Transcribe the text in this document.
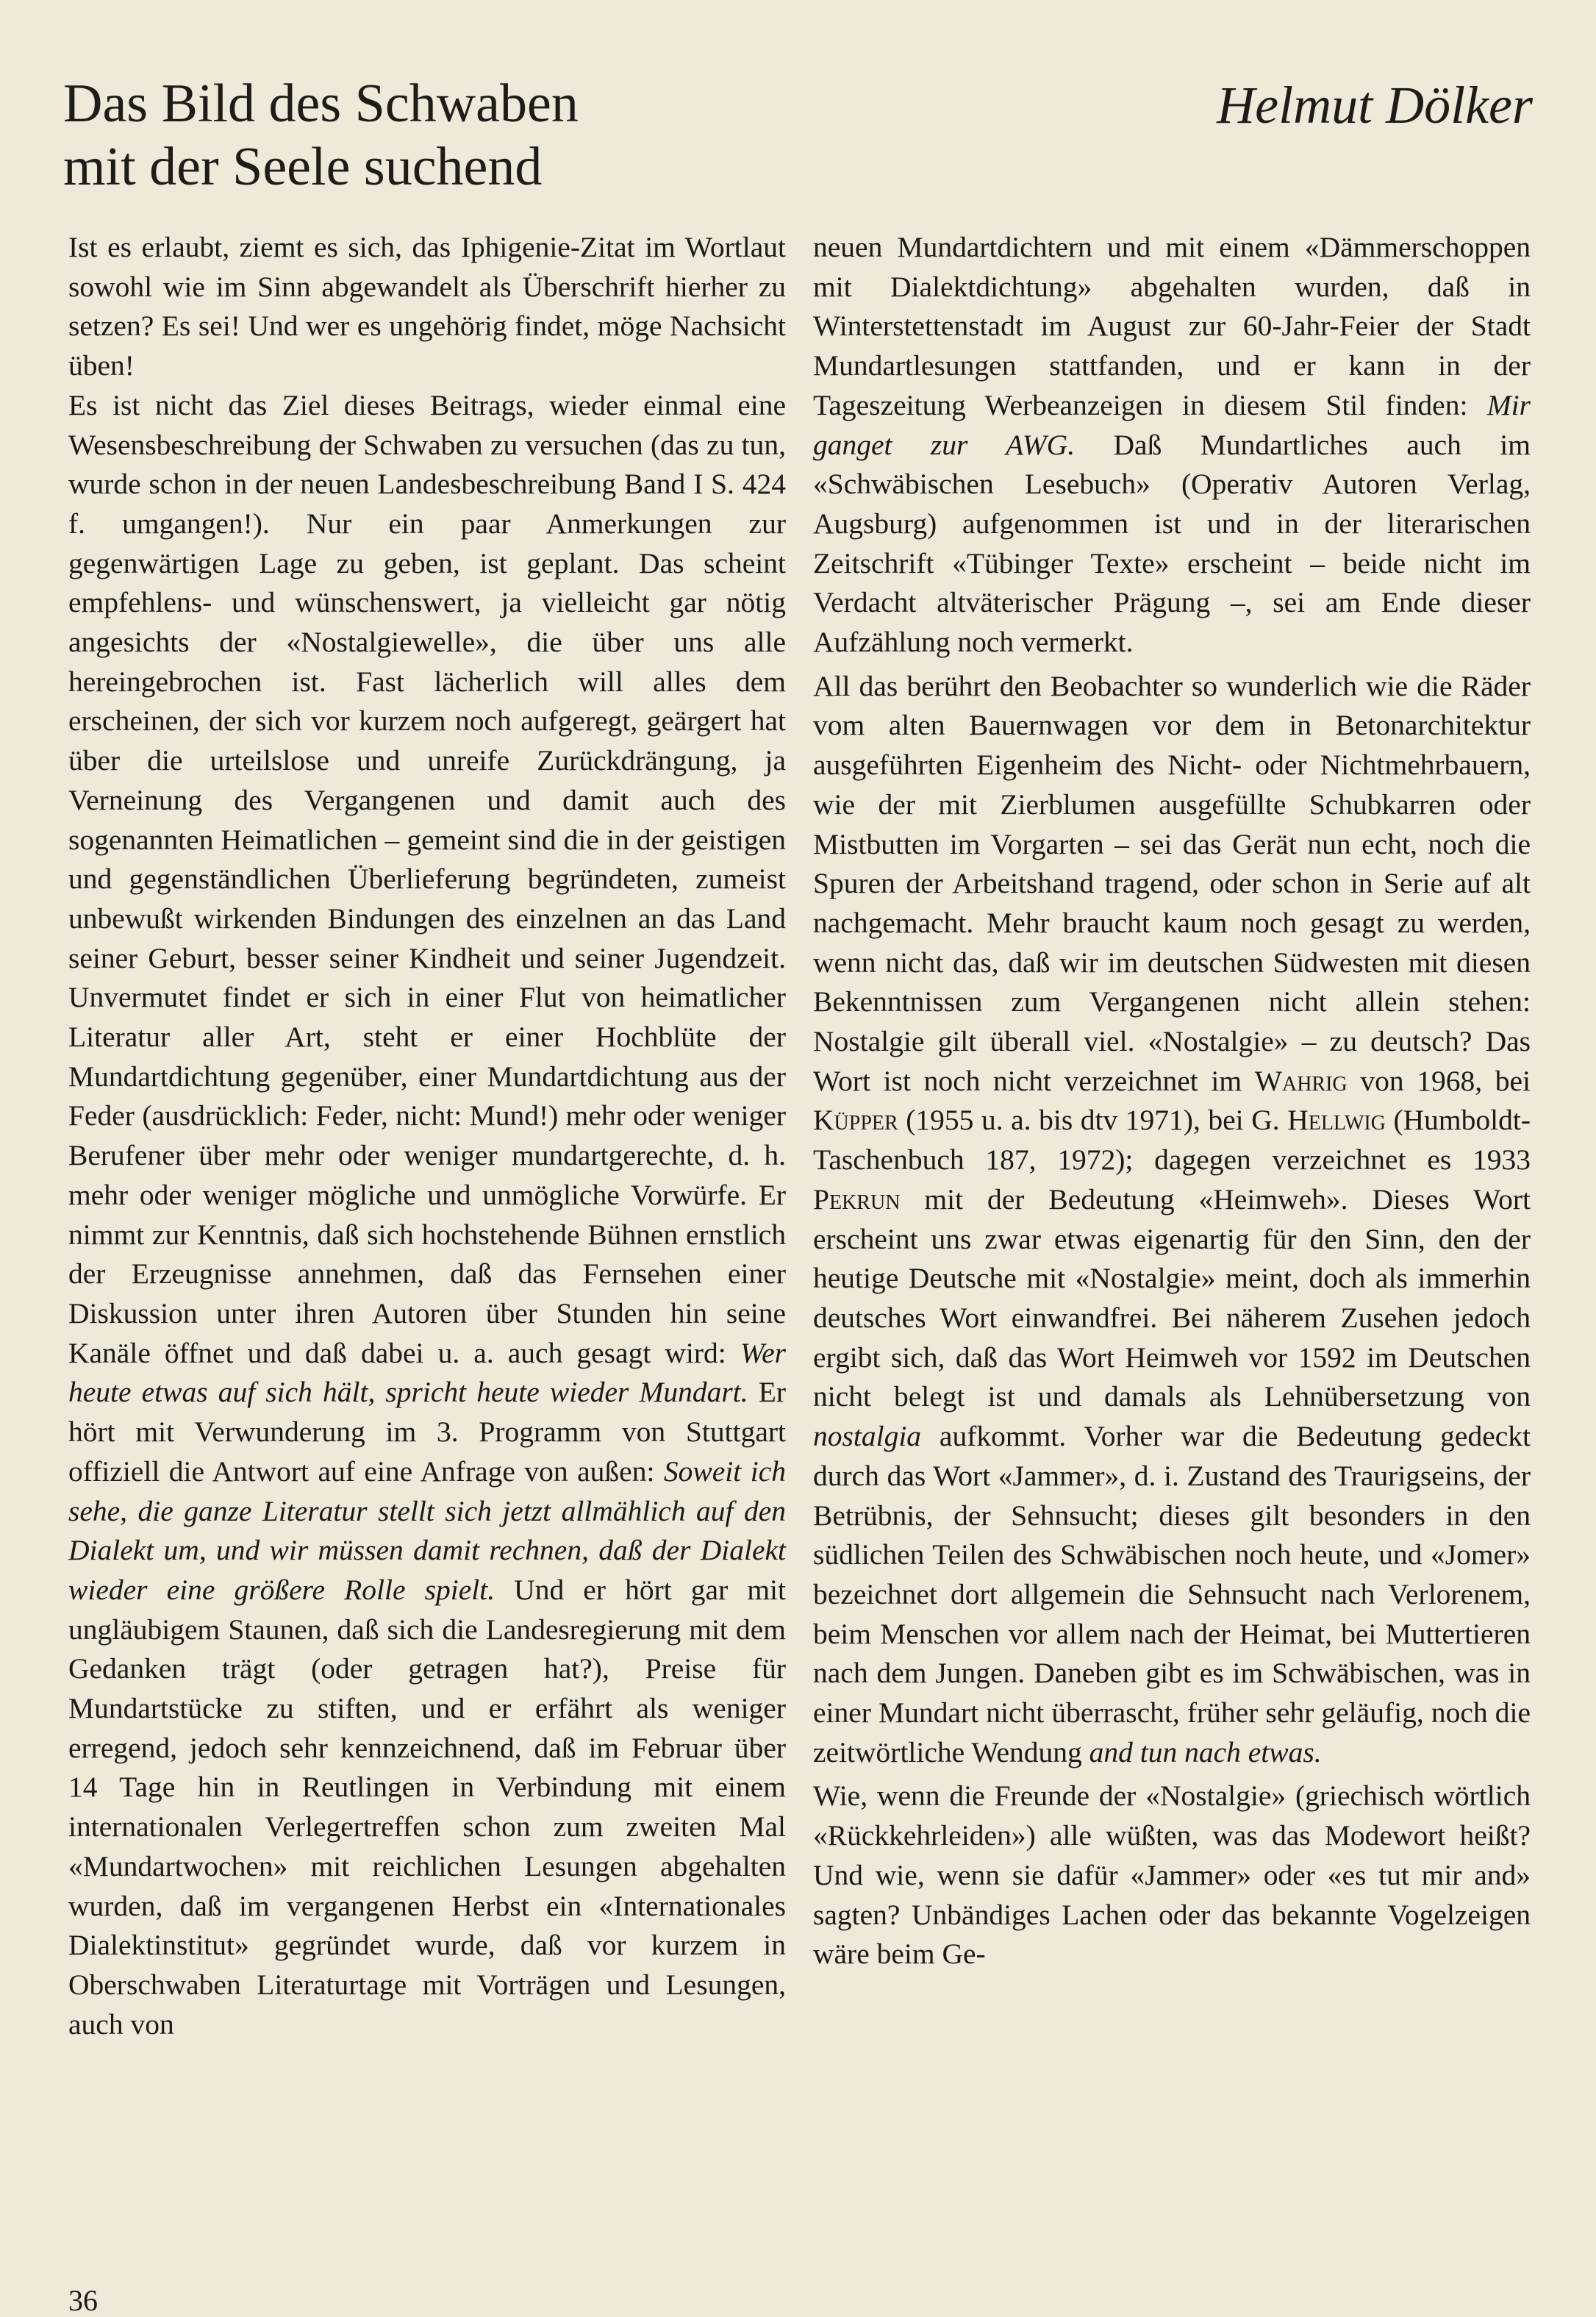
Das Bild des Schwaben
mit der Seele suchend
Helmut Dölker

Ist es erlaubt, ziemt es sich, das Iphigenie-Zitat im Wortlaut sowohl wie im Sinn abgewandelt als Überschrift hierher zu setzen? Es sei! Und wer es ungehörig findet, möge Nachsicht üben!

Es ist nicht das Ziel dieses Beitrags, wieder einmal eine Wesensbeschreibung der Schwaben zu versuchen (das zu tun, wurde schon in der neuen Landesbeschreibung Band I S. 424 f. umgangen!). Nur ein paar Anmerkungen zur gegenwärtigen Lage zu geben, ist geplant. Das scheint empfehlens- und wünschenswert, ja vielleicht gar nötig angesichts der «Nostalgiewelle», die über uns alle hereingebrochen ist. Fast lächerlich will alles dem erscheinen, der sich vor kurzem noch aufgeregt, geärgert hat über die urteilslose und unreife Zurückdrängung, ja Verneinung des Vergangenen und damit auch des sogenannten Heimatlichen – gemeint sind die in der geistigen und gegenständlichen Überlieferung begründeten, zumeist unbewußt wirkenden Bindungen des einzelnen an das Land seiner Geburt, besser seiner Kindheit und seiner Jugendzeit. Unvermutet findet er sich in einer Flut von heimatlicher Literatur aller Art, steht er einer Hochblüte der Mundartdichtung gegenüber, einer Mundartdichtung aus der Feder (ausdrücklich: Feder, nicht: Mund!) mehr oder weniger Berufener über mehr oder weniger mundartgerechte, d. h. mehr oder weniger mögliche und unmögliche Vorwürfe. Er nimmt zur Kenntnis, daß sich hochstehende Bühnen ernstlich der Erzeugnisse annehmen, daß das Fernsehen einer Diskussion unter ihren Autoren über Stunden hin seine Kanäle öffnet und daß dabei u. a. auch gesagt wird: Wer heute etwas auf sich hält, spricht heute wieder Mundart. Er hört mit Verwunderung im 3. Programm von Stuttgart offiziell die Antwort auf eine Anfrage von außen: Soweit ich sehe, die ganze Literatur stellt sich jetzt allmählich auf den Dialekt um, und wir müssen damit rechnen, daß der Dialekt wieder eine größere Rolle spielt. Und er hört gar mit ungläubigem Staunen, daß sich die Landesregierung mit dem Gedanken trägt (oder getragen hat?), Preise für Mundartstücke zu stiften, und er erfährt als weniger erregend, jedoch sehr kennzeichnend, daß im Februar über 14 Tage hin in Reutlingen in Verbindung mit einem internationalen Verlegertreffen schon zum zweiten Mal «Mundartwochen» mit reichlichen Lesungen abgehalten wurden, daß im vergangenen Herbst ein «Internationales Dialektinstitut» gegründet wurde, daß vor kurzem in Oberschwaben Literaturtage mit Vorträgen und Lesungen, auch von

neuen Mundartdichtern und mit einem «Dämmerschoppen mit Dialektdichtung» abgehalten wurden, daß in Winterstettenstadt im August zur 60-Jahr-Feier der Stadt Mundartlesungen stattfanden, und er kann in der Tageszeitung Werbeanzeigen in diesem Stil finden: Mir ganget zur AWG. Daß Mundartliches auch im «Schwäbischen Lesebuch» (Operativ Autoren Verlag, Augsburg) aufgenommen ist und in der literarischen Zeitschrift «Tübinger Texte» erscheint – beide nicht im Verdacht altväterischer Prägung –, sei am Ende dieser Aufzählung noch vermerkt.

All das berührt den Beobachter so wunderlich wie die Räder vom alten Bauernwagen vor dem in Betonarchitektur ausgeführten Eigenheim des Nicht- oder Nichtmehrbauern, wie der mit Zierblumen ausgefüllte Schubkarren oder Mistbutten im Vorgarten – sei das Gerät nun echt, noch die Spuren der Arbeitshand tragend, oder schon in Serie auf alt nachgemacht. Mehr braucht kaum noch gesagt zu werden, wenn nicht das, daß wir im deutschen Südwesten mit diesen Bekenntnissen zum Vergangenen nicht allein stehen: Nostalgie gilt überall viel. «Nostalgie» – zu deutsch? Das Wort ist noch nicht verzeichnet im Wahrig von 1968, bei Küpper (1955 u. a. bis dtv 1971), bei G. Hellwig (Humboldt-Taschenbuch 187, 1972); dagegen verzeichnet es 1933 Pekrun mit der Bedeutung «Heimweh». Dieses Wort erscheint uns zwar etwas eigenartig für den Sinn, den der heutige Deutsche mit «Nostalgie» meint, doch als immerhin deutsches Wort einwandfrei. Bei näherem Zusehen jedoch ergibt sich, daß das Wort Heimweh vor 1592 im Deutschen nicht belegt ist und damals als Lehnübersetzung von nostalgia aufkommt. Vorher war die Bedeutung gedeckt durch das Wort «Jammer», d. i. Zustand des Traurigseins, der Betrübnis, der Sehnsucht; dieses gilt besonders in den südlichen Teilen des Schwäbischen noch heute, und «Jomer» bezeichnet dort allgemein die Sehnsucht nach Verlorenem, beim Menschen vor allem nach der Heimat, bei Muttertieren nach dem Jungen. Daneben gibt es im Schwäbischen, was in einer Mundart nicht überrascht, früher sehr geläufig, noch die zeitwörtliche Wendung and tun nach etwas.

Wie, wenn die Freunde der «Nostalgie» (griechisch wörtlich «Rückkehrleiden») alle wüßten, was das Modewort heißt? Und wie, wenn sie dafür «Jammer» oder «es tut mir and» sagten? Unbändiges Lachen oder das bekannte Vogelzeigen wäre beim Ge-

36
